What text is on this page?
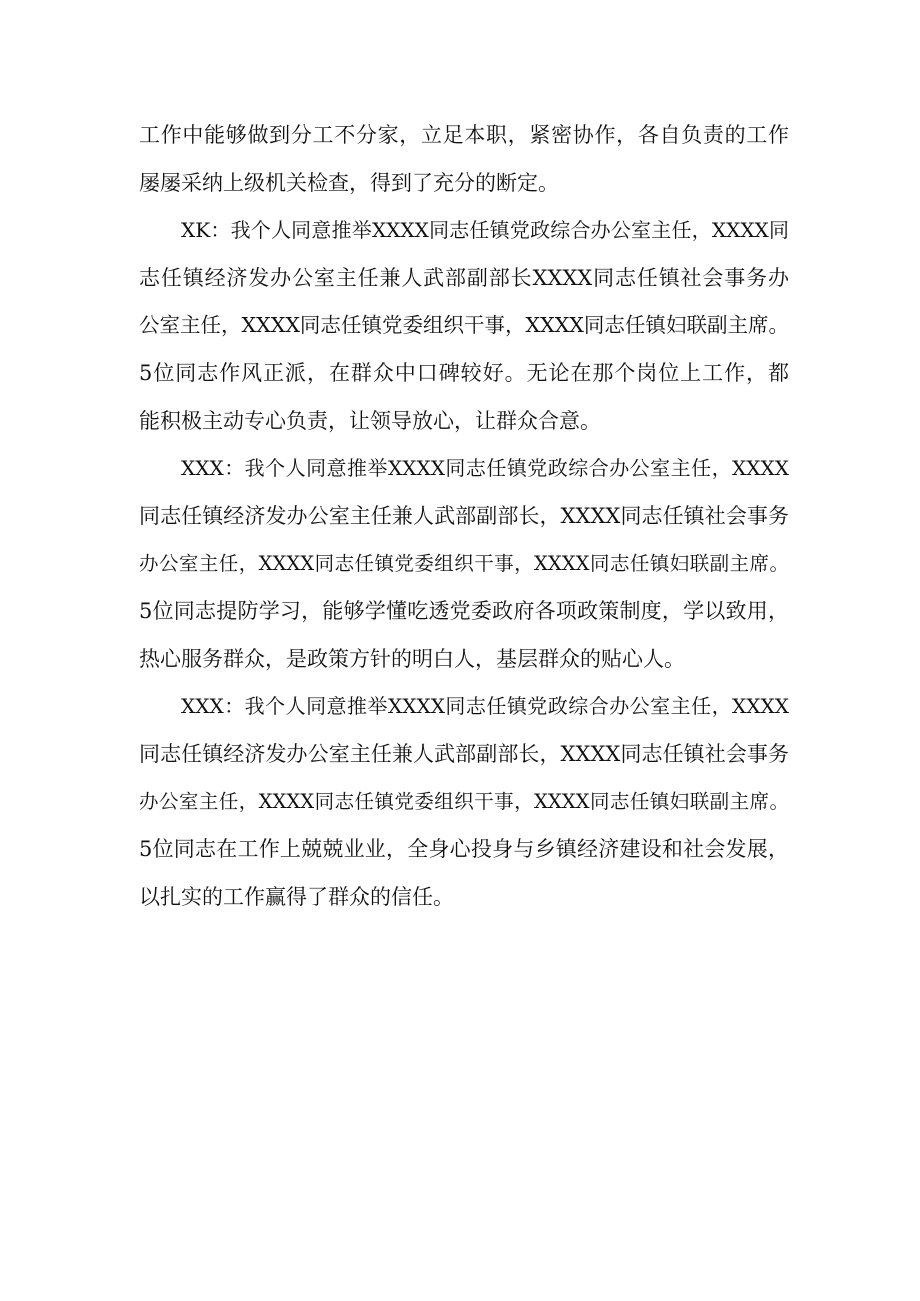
工作中能够做到分工不分家，立足本职，紧密协作，各自负责的工作
屡屡采纳上级机关检查，得到了充分的断定。
XK：我个人同意推举XXXX同志任镇党政综合办公室主任，XXXX同
志任镇经济发办公室主任兼人武部副部长XXXX同志任镇社会事务办
公室主任，XXXX同志任镇党委组织干事，XXXX同志任镇妇联副主席。
5位同志作风正派，在群众中口碑较好。无论在那个岗位上工作，都
能积极主动专心负责，让领导放心，让群众合意。
XXX：我个人同意推举XXXX同志任镇党政综合办公室主任，XXXX
同志任镇经济发办公室主任兼人武部副部长，XXXX同志任镇社会事务
办公室主任，XXXX同志任镇党委组织干事，XXXX同志任镇妇联副主席。
5位同志提防学习，能够学懂吃透党委政府各项政策制度，学以致用，
热心服务群众，是政策方针的明白人，基层群众的贴心人。
XXX：我个人同意推举XXXX同志任镇党政综合办公室主任，XXXX
同志任镇经济发办公室主任兼人武部副部长，XXXX同志任镇社会事务
办公室主任，XXXX同志任镇党委组织干事，XXXX同志任镇妇联副主席。
5位同志在工作上兢兢业业，全身心投身与乡镇经济建设和社会发展，
以扎实的工作赢得了群众的信任。
